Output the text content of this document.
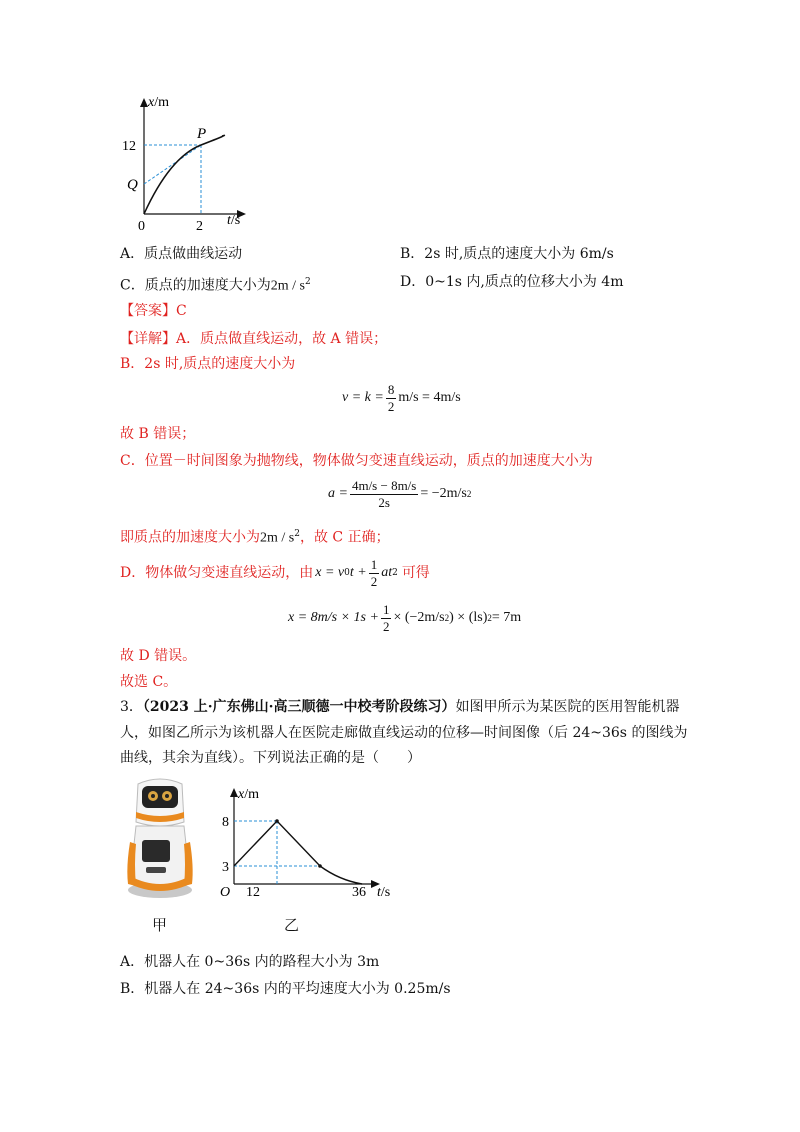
x/m
t/s
0	2
12
P
Q
A．质点做曲线运动	B．2s 时,质点的速度大小为 6m/s
C．质点的加速度大小为$2m / s^2$	D．0~1s 内,质点的位移大小为 4m
【答案】C
【详解】A．质点做直线运动，故 A 错误；
B．2s 时,质点的速度大小为
$v = k = \frac{8}{2} m/s = 4m/s$
故 B 错误；
C．位置－时间图象为抛物线，物体做匀变速直线运动，质点的加速度大小为
$a = \frac{4m/s - 8m/s}{2s} = -2m/s$ 2
即质点的加速度大小为$2m / s^2$，故 C 正确；
D．物体做匀变速直线运动，由 x = v 0 $t + \frac{1}{2}$ at 2 可得
$x = 8m/s \times 1s + \frac{1}{2} \times (-2m/s$ 2 ) × (ls) 2 = 7m
故 D 错误。
故选 C。
3．（2023 上·广东佛山·高三顺德一中校考阶段练习）如图甲所示为某医院的医用智能机器
人，如图乙所示为该机器人在医院走廊做直线运动的位移—时间图像（后 24~36s 的图线为
曲线，其余为直线）。下列说法正确的是（　　）
甲
x/m
t/s
O 12	36
8
3
乙
A．机器人在 0~36s 内的路程大小为 3m
B．机器人在 24~36s 内的平均速度大小为 0.25m/s
